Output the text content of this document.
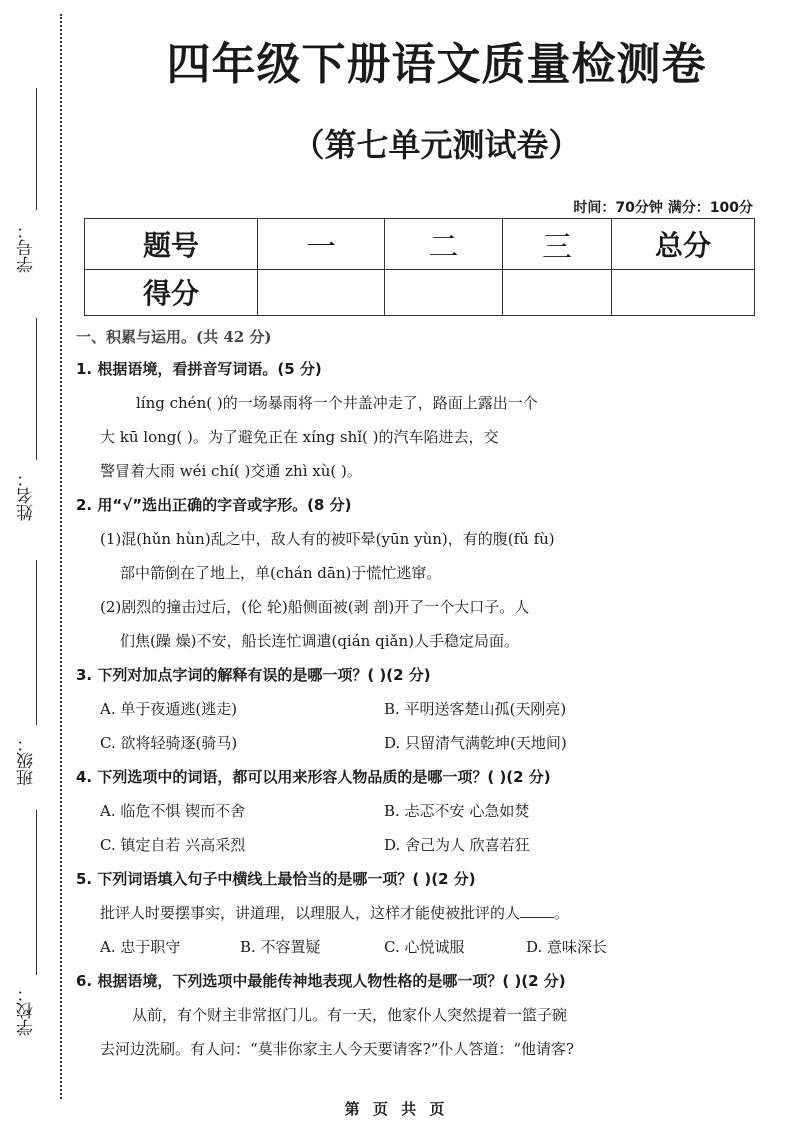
学号：
姓名：
班级：
学校：
四年级下册语文质量检测卷
（第七单元测试卷）
时间：70分钟 满分：100分
题号	一	二	三	总分
得分				
一、积累与运用。(共 42 分)
1. 根据语境，看拼音写词语。(5 分)
líng chén( )的一场暴雨将一个井盖冲走了，路面上露出一个
大 kū long( )。为了避免正在 xíng shǐ( )的汽车陷进去，交
警冒着大雨 wéi chí( )交通 zhì xù( )。
2. 用“√”选出正确的字音或字形。(8 分)
(1)混(hǔn hùn)乱之中，敌人有的被吓晕(yūn yùn)，有的腹(fǔ fù)
部中箭倒在了地上，单(chán dān)于慌忙逃窜。
(2)剧烈的撞击过后，(伦 轮)船侧面被(剥 剖)开了一个大口子。人
们焦(躁 燥)不安，船长连忙调遣(qián qiǎn)人手稳定局面。
3. 下列对加点字词的解释有误的是哪一项？( )(2 分)
A. 单于夜遁逃(逃走)	B. 平明送客楚山孤(天刚亮)
C. 欲将轻骑逐(骑马)	D. 只留清气满乾坤(天地间)
4. 下列选项中的词语，都可以用来形容人物品质的是哪一项？( )(2 分)
A. 临危不惧 锲而不舍	B. 忐忑不安 心急如焚
C. 镇定自若 兴高采烈	D. 舍己为人 欣喜若狂
5. 下列词语填入句子中横线上最恰当的是哪一项？( )(2 分)
批评人时要摆事实，讲道理，以理服人，这样才能使被批评的人 。
A. 忠于职守	B. 不容置疑	C. 心悦诚服	D. 意味深长
6. 根据语境，下列选项中最能传神地表现人物性格的是哪一项？( )(2 分)
从前，有个财主非常抠门儿。有一天，他家仆人突然提着一篮子碗
去河边洗刷。有人问：“莫非你家主人今天要请客?”仆人答道：“他请客?
第 页 共 页
